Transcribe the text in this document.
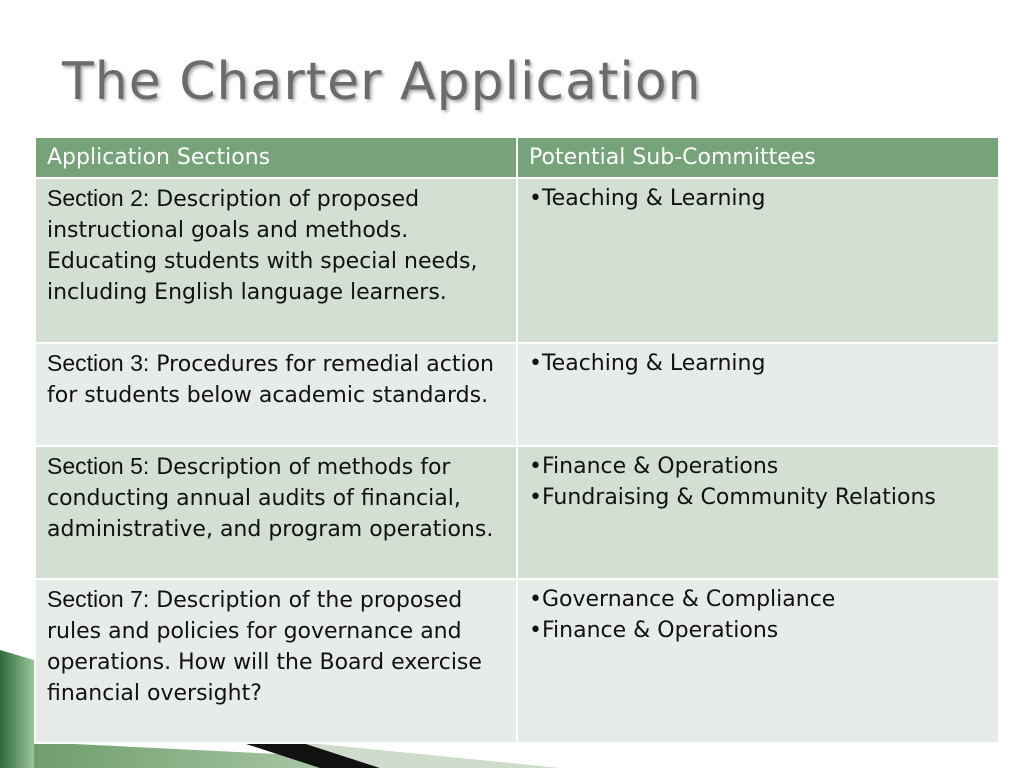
The Charter Application
Application Sections	Potential Sub-Committees
Section 2: Description of proposed instructional goals and methods. Educating students with special needs, including English language learners.	•Teaching & Learning

Section 3: Procedures for remedial action for students below academic standards.	•Teaching & Learning

Section 5: Description of methods for conducting annual audits of financial, administrative, and program operations.	•Finance & Operations
•Fundraising & Community Relations

Section 7: Description of the proposed rules and policies for governance and operations. How will the Board exercise financial oversight?	•Governance & Compliance
•Finance & Operations
